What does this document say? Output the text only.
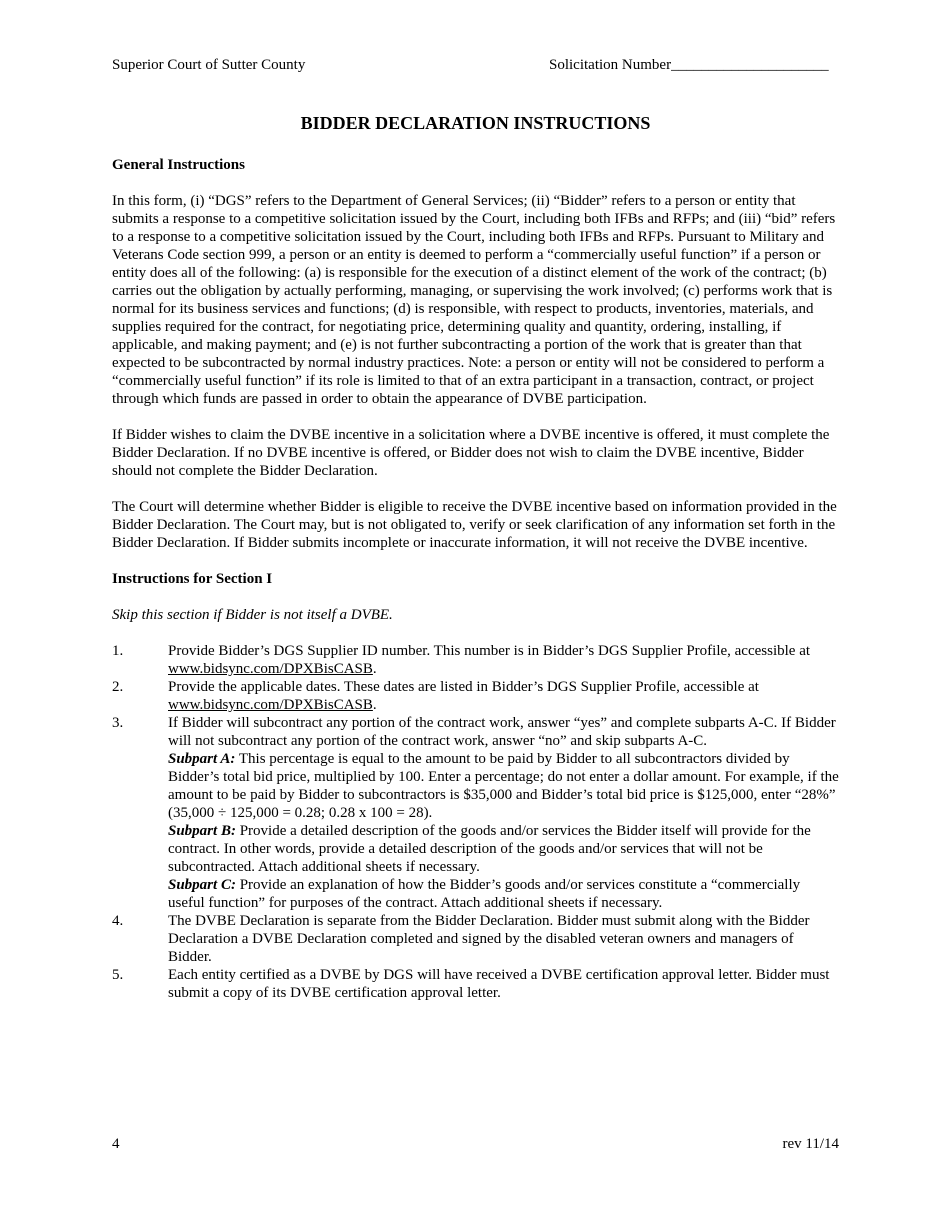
Superior Court of Sutter County	Solicitation Number_____________________
BIDDER DECLARATION INSTRUCTIONS
General Instructions

In this form, (i) “DGS” refers to the Department of General Services; (ii) “Bidder” refers to a person or entity that submits a response to a competitive solicitation issued by the Court, including both IFBs and RFPs; and (iii) “bid” refers to a response to a competitive solicitation issued by the Court, including both IFBs and RFPs. Pursuant to Military and Veterans Code section 999, a person or an entity is deemed to perform a “commercially useful function” if a person or entity does all of the following: (a) is responsible for the execution of a distinct element of the work of the contract; (b) carries out the obligation by actually performing, managing, or supervising the work involved; (c) performs work that is normal for its business services and functions; (d) is responsible, with respect to products, inventories, materials, and supplies required for the contract, for negotiating price, determining quality and quantity, ordering, installing, if applicable, and making payment; and (e) is not further subcontracting a portion of the work that is greater than that expected to be subcontracted by normal industry practices. Note: a person or entity will not be considered to perform a “commercially useful function” if its role is limited to that of an extra participant in a transaction, contract, or project through which funds are passed in order to obtain the appearance of DVBE participation.

If Bidder wishes to claim the DVBE incentive in a solicitation where a DVBE incentive is offered, it must complete the Bidder Declaration. If no DVBE incentive is offered, or Bidder does not wish to claim the DVBE incentive, Bidder should not complete the Bidder Declaration.

The Court will determine whether Bidder is eligible to receive the DVBE incentive based on information provided in the Bidder Declaration. The Court may, but is not obligated to, verify or seek clarification of any information set forth in the Bidder Declaration. If Bidder submits incomplete or inaccurate information, it will not receive the DVBE incentive.

Instructions for Section I

Skip this section if Bidder is not itself a DVBE.

1.	Provide Bidder’s DGS Supplier ID number. This number is in Bidder’s DGS Supplier Profile, accessible at www.bidsync.com/DPXBisCASB.
2.	Provide the applicable dates. These dates are listed in Bidder’s DGS Supplier Profile, accessible at www.bidsync.com/DPXBisCASB.
3.	If Bidder will subcontract any portion of the contract work, answer “yes” and complete subparts A-C. If Bidder will not subcontract any portion of the contract work, answer “no” and skip subparts A-C.
Subpart A: This percentage is equal to the amount to be paid by Bidder to all subcontractors divided by Bidder’s total bid price, multiplied by 100. Enter a percentage; do not enter a dollar amount. For example, if the amount to be paid by Bidder to subcontractors is $35,000 and Bidder’s total bid price is $125,000, enter “28%” (35,000 ÷ 125,000 = 0.28; 0.28 x 100 = 28).
Subpart B: Provide a detailed description of the goods and/or services the Bidder itself will provide for the contract. In other words, provide a detailed description of the goods and/or services that will not be subcontracted. Attach additional sheets if necessary.
Subpart C: Provide an explanation of how the Bidder’s goods and/or services constitute a “commercially useful function” for purposes of the contract. Attach additional sheets if necessary.
4.	The DVBE Declaration is separate from the Bidder Declaration. Bidder must submit along with the Bidder Declaration a DVBE Declaration completed and signed by the disabled veteran owners and managers of Bidder.
5.	Each entity certified as a DVBE by DGS will have received a DVBE certification approval letter. Bidder must submit a copy of its DVBE certification approval letter.
4	rev 11/14
